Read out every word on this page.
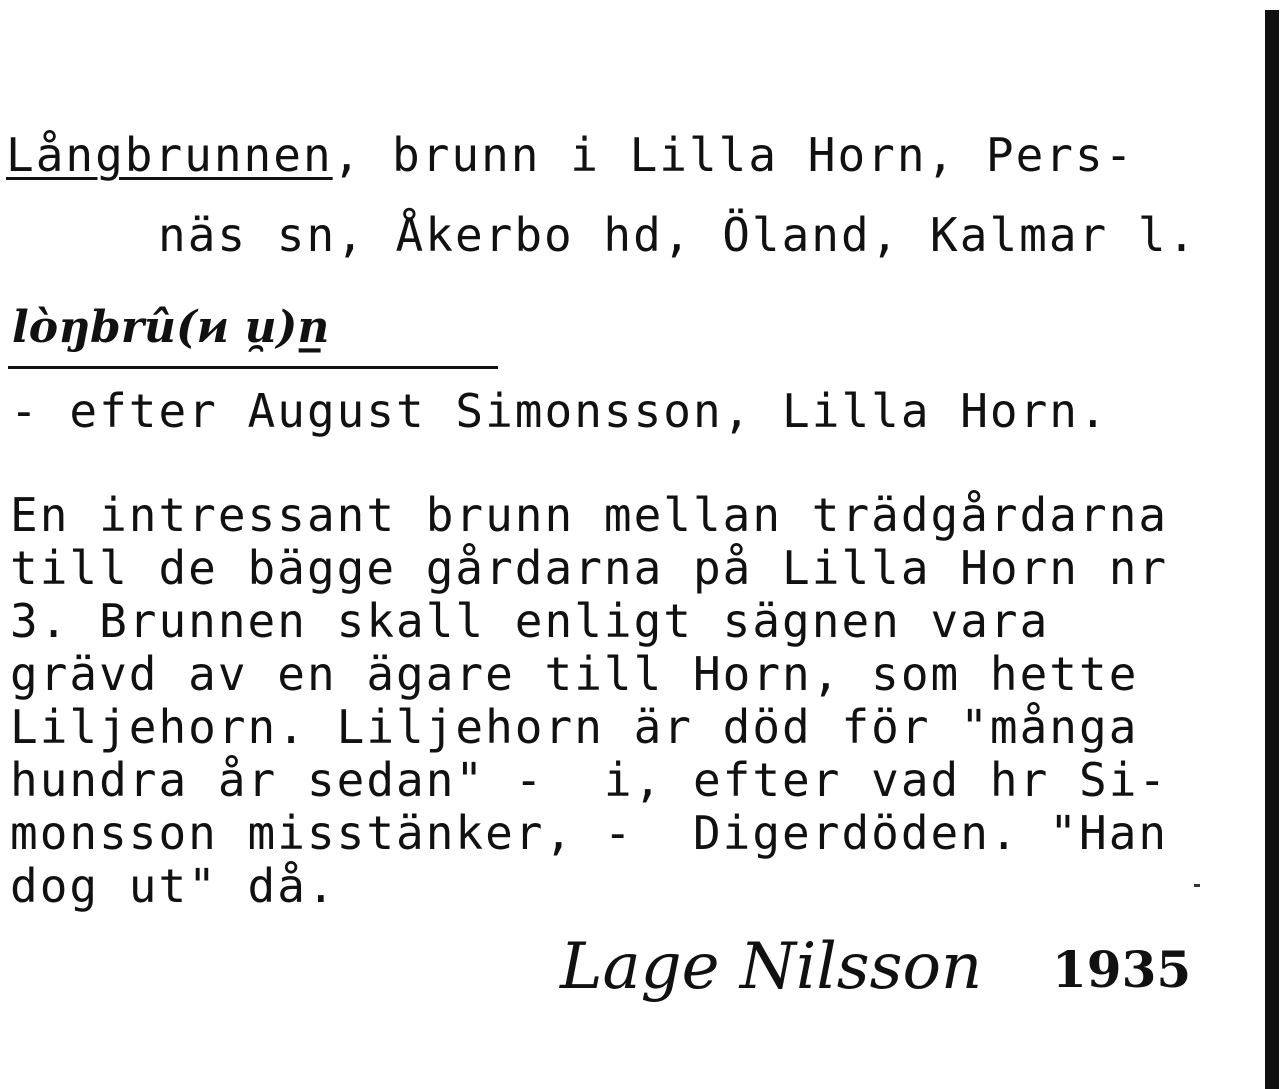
Långbrunnen, brunn i Lilla Horn, Pers-
näs sn, Åkerbo hd, Öland, Kalmar l.
lòŋbrû(ͷ u̯)n̲
- efter August Simonsson, Lilla Horn.
En intressant brunn mellan trädgårdarna
till de bägge gårdarna på Lilla Horn nr
3. Brunnen skall enligt sägnen vara
grävd av en ägare till Horn, som hette
Liljehorn. Liljehorn är död för "många
hundra år sedan" -  i, efter vad hr Si-
monsson misstänker, -  Digerdöden. "Han
dog ut" då.
Lage Nilsson 1935
